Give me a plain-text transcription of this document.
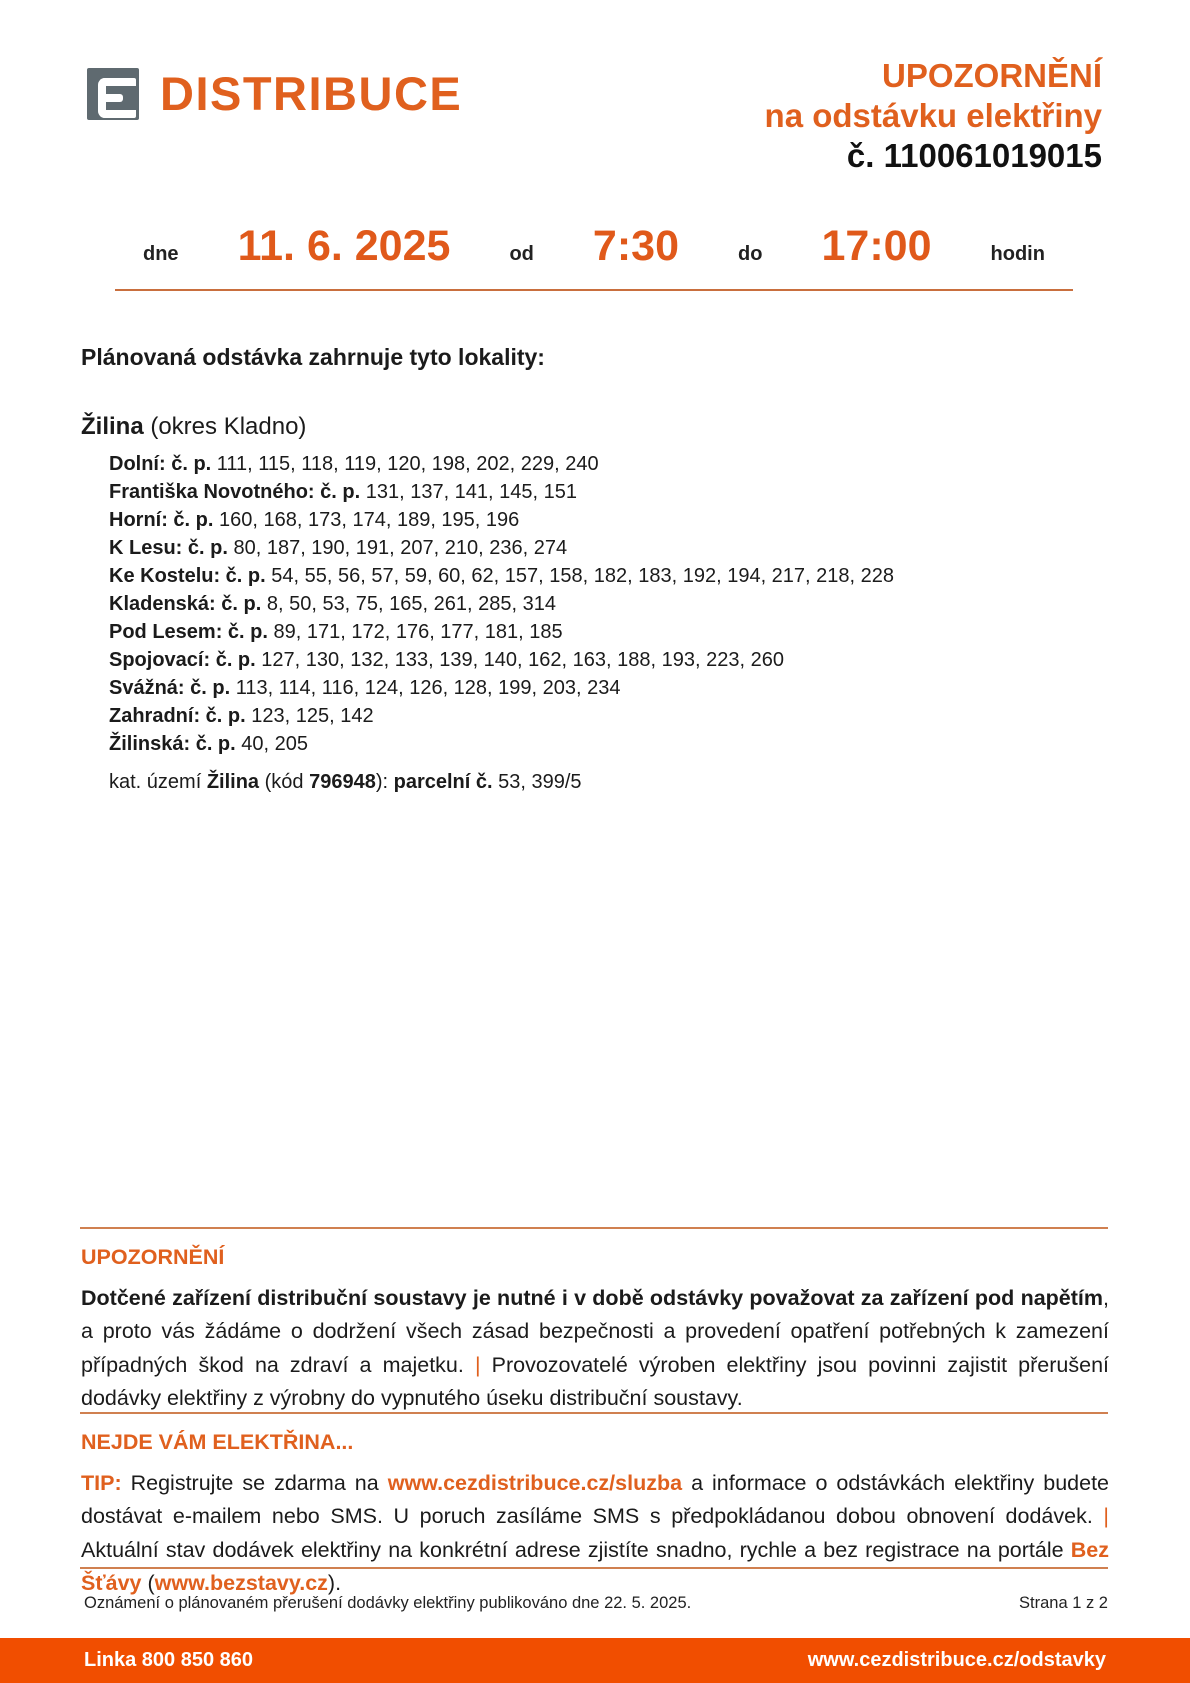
DISTRIBUCE	UPOZORNĚNÍ
na odstávku elektřiny
č. 110061019015
dne 11. 6. 2025	od 7:30	do 17:00	hodin

Plánovaná odstávka zahrnuje tyto lokality:

Žilina (okres Kladno)

Dolní: č. p. 111, 115, 118, 119, 120, 198, 202, 229, 240
Františka Novotného: č. p. 131, 137, 141, 145, 151
Horní: č. p. 160, 168, 173, 174, 189, 195, 196
K Lesu: č. p. 80, 187, 190, 191, 207, 210, 236, 274
Ke Kostelu: č. p. 54, 55, 56, 57, 59, 60, 62, 157, 158, 182, 183, 192, 194, 217, 218, 228
Kladenská: č. p. 8, 50, 53, 75, 165, 261, 285, 314
Pod Lesem: č. p. 89, 171, 172, 176, 177, 181, 185
Spojovací: č. p. 127, 130, 132, 133, 139, 140, 162, 163, 188, 193, 223, 260
Svážná: č. p. 113, 114, 116, 124, 126, 128, 199, 203, 234
Zahradní: č. p. 123, 125, 142
Žilinská: č. p. 40, 205
kat. území Žilina (kód 796948): parcelní č. 53, 399/5

UPOZORNĚNÍ

Dotčené zařízení distribuční soustavy je nutné i v době odstávky považovat za zařízení pod napětím, a proto vás žádáme o dodržení všech zásad bezpečnosti a provedení opatření potřebných k zamezení případných škod na zdraví a majetku. | Provozovatelé výroben elektřiny jsou povinni zajistit přerušení dodávky elektřiny z výrobny do vypnutého úseku distribuční soustavy.

NEJDE VÁM ELEKTŘINA...

TIP: Registrujte se zdarma na www.cezdistribuce.cz/sluzba a informace o odstávkách elektřiny budete dostávat e-mailem nebo SMS. U poruch zasíláme SMS s předpokládanou dobou obnovení dodávek. | Aktuální stav dodávek elektřiny na konkrétní adrese zjistíte snadno, rychle a bez registrace na portále Bez Šťávy (www.bezstavy.cz).

Oznámení o plánovaném přerušení dodávky elektřiny publikováno dne 22. 5. 2025.	Strana 1 z 2
Linka 800 850 860	www.cezdistribuce.cz/odstavky
